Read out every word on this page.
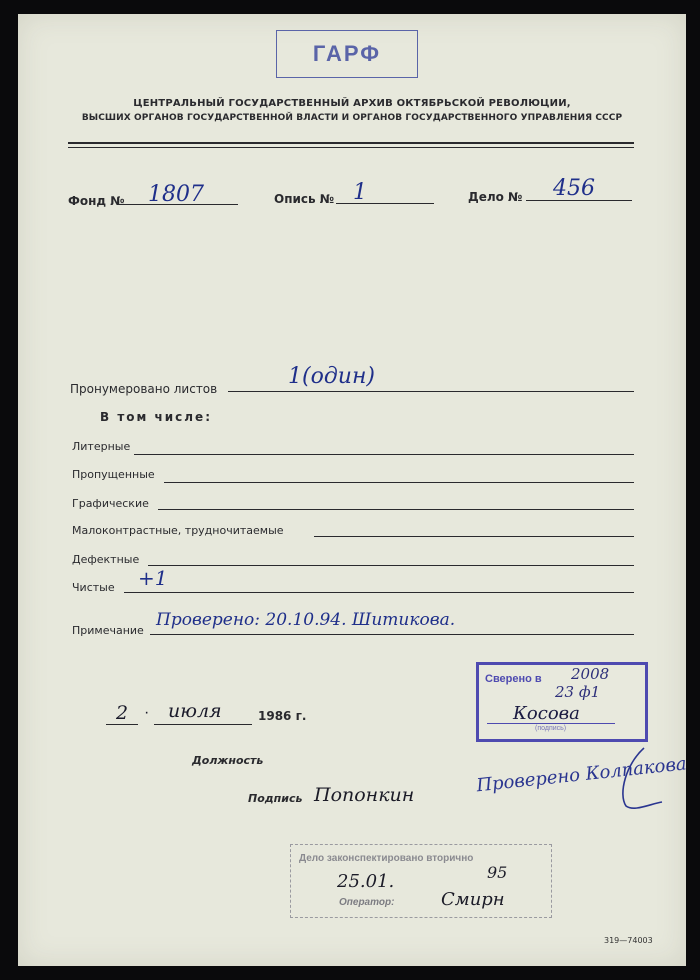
ГАРФ
ЦЕНТРАЛЬНЫЙ ГОСУДАРСТВЕННЫЙ АРХИВ ОКТЯБРЬСКОЙ РЕВОЛЮЦИИ,
ВЫСШИХ ОРГАНОВ ГОСУДАРСТВЕННОЙ ВЛАСТИ И ОРГАНОВ ГОСУДАРСТВЕННОГО УПРАВЛЕНИЯ СССР
Фонд № 1807	Опись № 1	Дело № 456
Пронумеровано листов	1(один)
В том числе:
Литерные
Пропущенные
Графические
Малоконтрастные, трудночитаемые
Дефектные
Чистые +1
Примечание
Проверено: 20.10.94. Шитикова.
Сверено в 2008
23 ф1
Косова
(подпись)
2 · июля	1986 г.
Должность
Подпись Попонкин	Проверено Колпакова
Дело законспектировано вторично
25.01.	95
Оператор:	Смирн
319—74003
